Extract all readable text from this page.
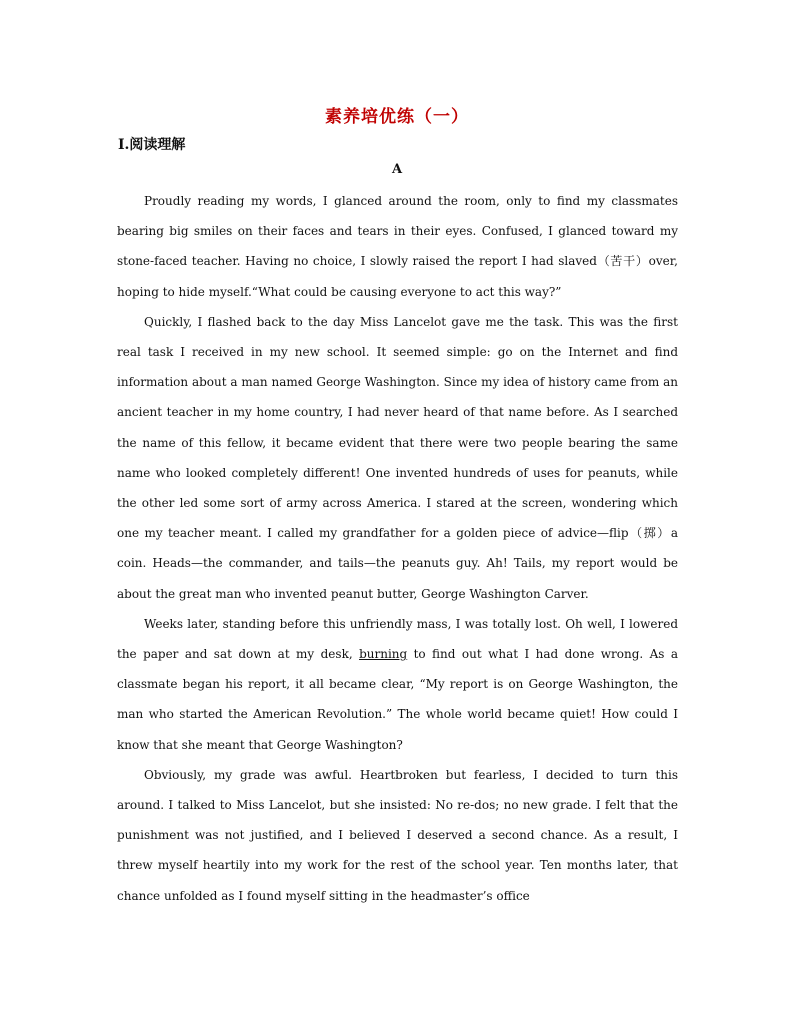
素养培优练（一）
Ⅰ.阅读理解
A

Proudly reading my words, I glanced around the room, only to find my classmates bearing big smiles on their faces and tears in their eyes. Confused, I glanced toward my stone-faced teacher. Having no choice, I slowly raised the report I had slaved（苦干）over, hoping to hide myself.“What could be causing everyone to act this way?”

Quickly, I flashed back to the day Miss Lancelot gave me the task. This was the first real task I received in my new school. It seemed simple: go on the Internet and find information about a man named George Washington. Since my idea of history came from an ancient teacher in my home country, I had never heard of that name before. As I searched the name of this fellow, it became evident that there were two people bearing the same name who looked completely different! One invented hundreds of uses for peanuts, while the other led some sort of army across America. I stared at the screen, wondering which one my teacher meant. I called my grandfather for a golden piece of advice—flip（掷）a coin. Heads—the commander, and tails—the peanuts guy. Ah! Tails, my report would be about the great man who invented peanut butter, George Washington Carver.

Weeks later, standing before this unfriendly mass, I was totally lost. Oh well, I lowered the paper and sat down at my desk, burning to find out what I had done wrong. As a classmate began his report, it all became clear, “My report is on George Washington, the man who started the American Revolution.” The whole world became quiet! How could I know that she meant that George Washington?

Obviously, my grade was awful. Heartbroken but fearless, I decided to turn this around. I talked to Miss Lancelot, but she insisted: No re-dos; no new grade. I felt that the punishment was not justified, and I believed I deserved a second chance. As a result, I threw myself heartily into my work for the rest of the school year. Ten months later, that chance unfolded as I found myself sitting in the headmaster’s office
